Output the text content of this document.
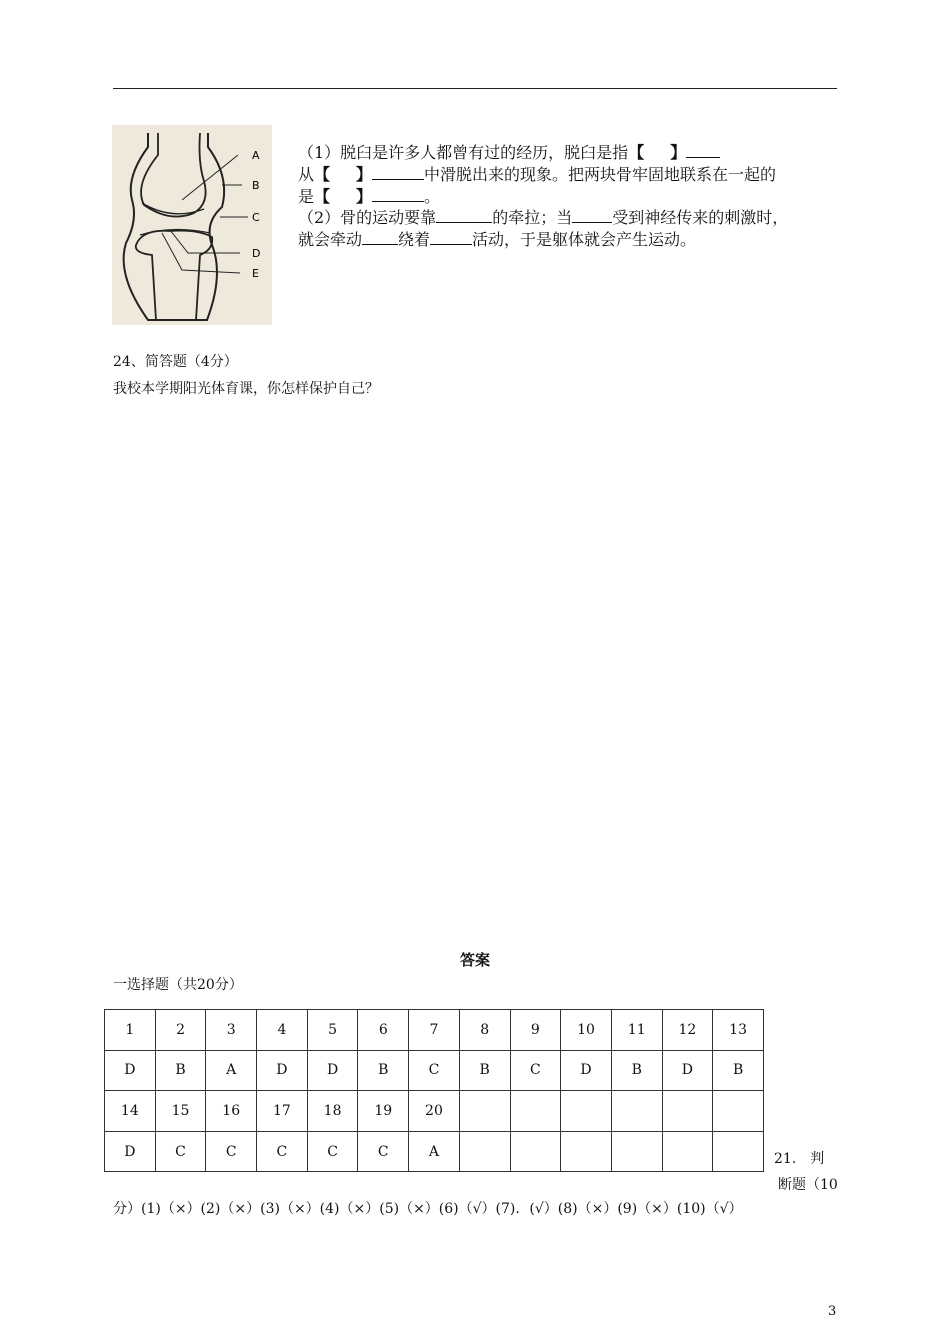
A
B
C
D
E
（1）脱臼是许多人都曾有过的经历，脱臼是指【 】
从【 】	中滑脱出来的现象。把两块骨牢固地联系在一起的
是【 】	。
（2）骨的运动要靠	的牵拉；当	受到神经传来的刺激时，
就会牵动 绕着	活动，于是躯体就会产生运动。
24、简答题（4分）
我校本学期阳光体育课，你怎样保护自己？
答案
一选择题（共20分）
1	2	3	4	5	6	7	8	9	10	11	12	13
D	B	A	D	D	B	C	B	C	D	B	D	B
14	15	16	17	18	19	20						
D	C	C	C	C	C	A							21.　判
断题（10
分）(1)（×）(2)（×）(3)（×）(4)（×）(5)（×）(6)（√）(7)．(√）(8)（×）(9)（×）(10)（√）
3
